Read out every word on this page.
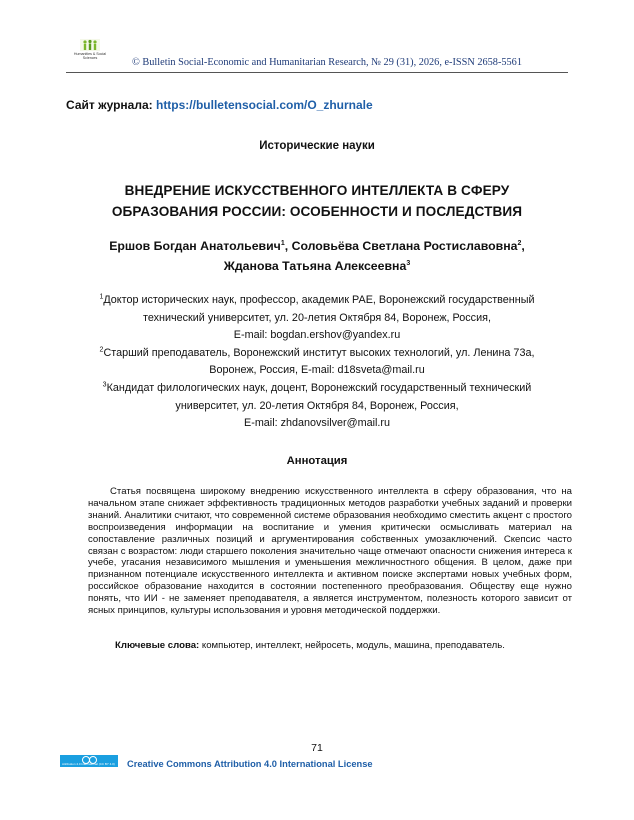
Humanities & Social
Sciences	© Bulletin Social-Economic and Humanitarian Research, № 29 (31), 2026, e-ISSN 2658-5561
Сайт журнала: https://bulletensocial.com/O_zhurnale
Исторические науки
ВНЕДРЕНИЕ ИСКУССТВЕННОГО ИНТЕЛЛЕКТА В СФЕРУ
ОБРАЗОВАНИЯ РОССИИ: ОСОБЕННОСТИ И ПОСЛЕДСТВИЯ
Ершов Богдан Анатольевич$^1$, Соловьёва Светлана Ростиславовна$^2$,
Жданова Татьяна Алексеевна$^3$

$^1$Доктор исторических наук, профессор, академик РАЕ, Воронежский государственный

технический университет, ул. 20-летия Октября 84, Воронеж, Россия,

E-mail: bogdan.ershov@yandex.ru

$^2$Старший преподаватель, Воронежский институт высоких технологий, ул. Ленина 73а,

Воронеж, Россия, E-mail: d18sveta@mail.ru

$^3$Кандидат филологических наук, доцент, Воронежский государственный технический

университет, ул. 20-летия Октября 84, Воронеж, Россия,

E-mail: zhdanovsilver@mail.ru

Аннотация

Статья посвящена широкому внедрению искусственного интеллекта в сферу образования, что на начальном этапе снижает эффективность традиционных методов разработки учебных заданий и проверки знаний. Аналитики считают, что современной системе образования необходимо сместить акцент с простого воспроизведения информации на воспитание и умения критически осмысливать материал на сопоставление различных позиций и аргументирования собственных умозаключений. Скепсис часто связан с возрастом: люди старшего поколения значительно чаще отмечают опасности снижения интереса к учебе, угасания независимого мышления и уменьшения межличностного общения. В целом, даже при признанном потенциале искусственного интеллекта и активном поиске экспертами новых учебных форм, российское образование находится в состоянии постепенного преобразования. Обществу еще нужно понять, что ИИ - не заменяет преподавателя, а является инструментом, полезность которого зависит от ясных принципов, культуры использования и уровня методической поддержки.

Ключевые слова: компьютер, интеллект, нейросеть, модуль, машина, преподаватель.
71
Attribution 4.0 International (CC BY 4.0) Creative Commons Attribution 4.0 International License
